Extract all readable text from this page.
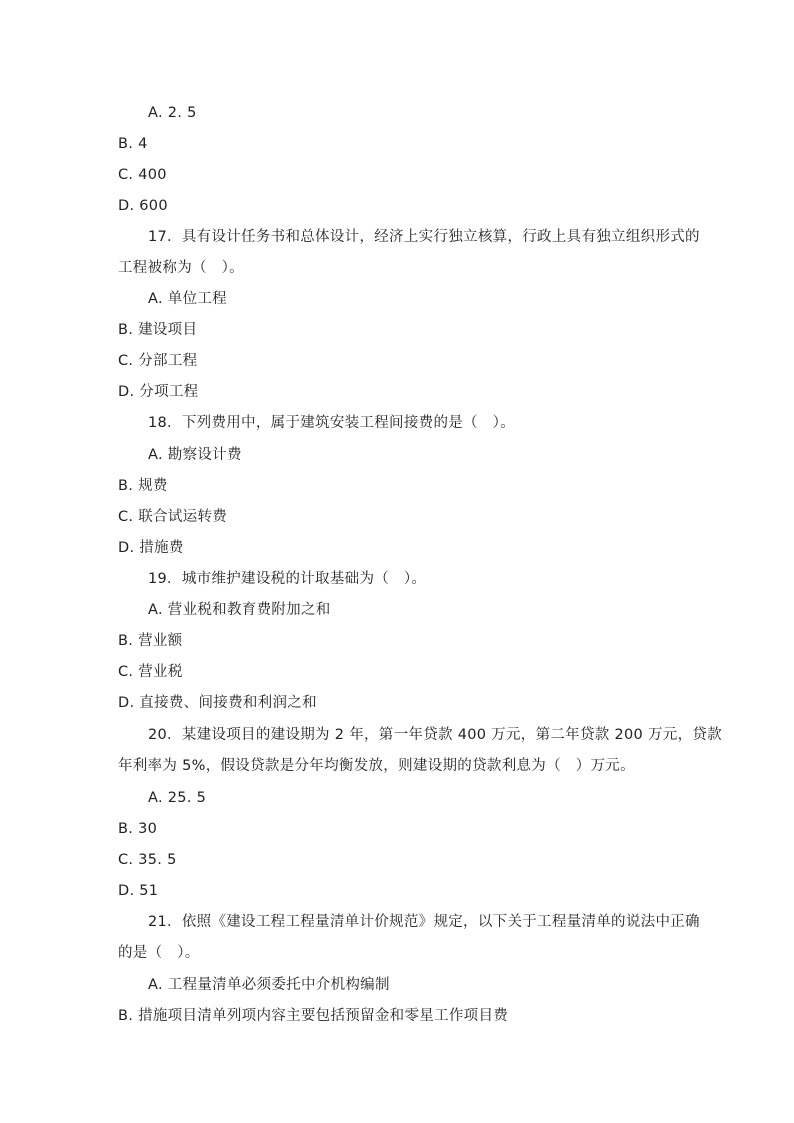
A. 2. 5
B. 4
C. 400
D. 600
17．具有设计任务书和总体设计，经济上实行独立核算，行政上具有独立组织形式的
工程被称为（　）。
A. 单位工程
B. 建设项目
C. 分部工程
D. 分项工程
18．下列费用中，属于建筑安装工程间接费的是（　）。
A. 勘察设计费
B. 规费
C. 联合试运转费
D. 措施费
19．城市维护建设税的计取基础为（　）。
A. 营业税和教育费附加之和
B. 营业额
C. 营业税
D. 直接费、间接费和利润之和
20．某建设项目的建设期为 2 年，第一年贷款 400 万元，第二年贷款 200 万元，贷款
年利率为 5%，假设贷款是分年均衡发放，则建设期的贷款利息为（　）万元。
A. 25. 5
B. 30
C. 35. 5
D. 51
21．依照《建设工程工程量清单计价规范》规定，以下关于工程量清单的说法中正确
的是（　）。
A. 工程量清单必须委托中介机构编制
B. 措施项目清单列项内容主要包括预留金和零星工作项目费
